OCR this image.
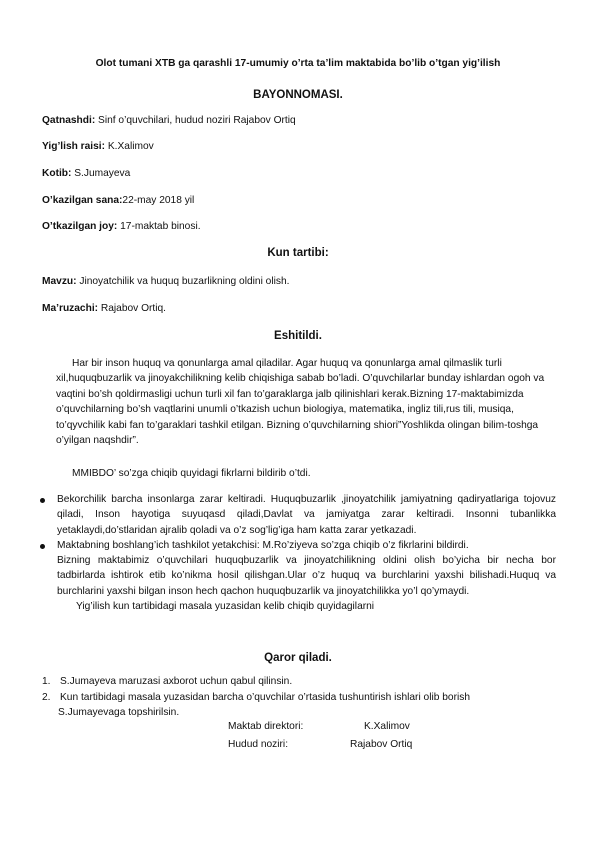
Olot tumani XTB ga qarashli 17-umumiy o’rta ta’lim maktabida bo’lib o’tgan yig’ilish
BAYONNOMASI.
Qatnashdi: Sinf o’quvchilari, hudud noziri Rajabov Ortiq
Yig’lish raisi: K.Xalimov
Kotib: S.Jumayeva
O’kazilgan sana:22-may 2018 yil
O’tkazilgan joy: 17-maktab binosi.
Kun tartibi:
Mavzu: Jinoyatchilik va huquq buzarlikning oldini olish.
Ma’ruzachi: Rajabov Ortiq.
Eshitildi.
Har bir inson huquq va qonunlarga amal qiladilar. Agar huquq va qonunlarga amal qilmaslik turli xil,huquqbuzarlik va jinoyakchilikning kelib chiqishiga sabab bo’ladi. O’quvchilarlar bunday ishlardan ogoh va vaqtini bo’sh qoldirmasligi uchun turli xil fan to’garaklarga jalb qilinishlari kerak.Bizning 17-maktabimizda o’quvchilarning bo’sh vaqtlarini unumli o’tkazish uchun biologiya, matematika, ingliz tili,rus tili, musiqa, to’qyvchilik kabi fan to’garaklari tashkil etilgan. Bizning o’quvchilarning shiori”Yoshlikda olingan bilim-toshga o’yilgan naqshdir”.
MMIBDO’ so’zga chiqib quyidagi fikrlarni bildirib o’tdi.
Bekorchilik barcha insonlarga zarar keltiradi. Huquqbuzarlik ,jinoyatchilik jamiyatning qadiryatlariga tojovuz qiladi, Inson hayotiga suyuqasd qiladi,Davlat va jamiyatga zarar keltiradi. Insonni tubanlikka yetaklaydi,do’stlaridan ajralib qoladi va o’z sog’lig’iga ham katta zarar yetkazadi.
Maktabning boshlang’ich tashkilot yetakchisi: M.Ro’ziyeva so’zga chiqib o’z fikrlarini bildirdi.
Bizning maktabimiz o’quvchilari huquqbuzarlik va jinoyatchilikning oldini olish bo’yicha bir necha bor tadbirlarda ishtirok etib ko’nikma hosil qilishgan.Ular o’z huquq va burchlarini yaxshi bilishadi.Huquq va burchlarini yaxshi bilgan inson hech qachon huquqbuzarlik va jinoyatchilikka yo’l qo’ymaydi.
Yig’ilish kun tartibidagi masala yuzasidan kelib chiqib quyidagilarni
Qaror qiladi.
1. S.Jumayeva maruzasi axborot uchun qabul qilinsin.
2. Kun tartibidagi masala yuzasidan barcha o’quvchilar o’rtasida tushuntirish ishlari olib borish S.Jumayevaga topshirilsin.
Maktab direktori:	K.Xalimov
Hudud noziri:	Rajabov Ortiq
